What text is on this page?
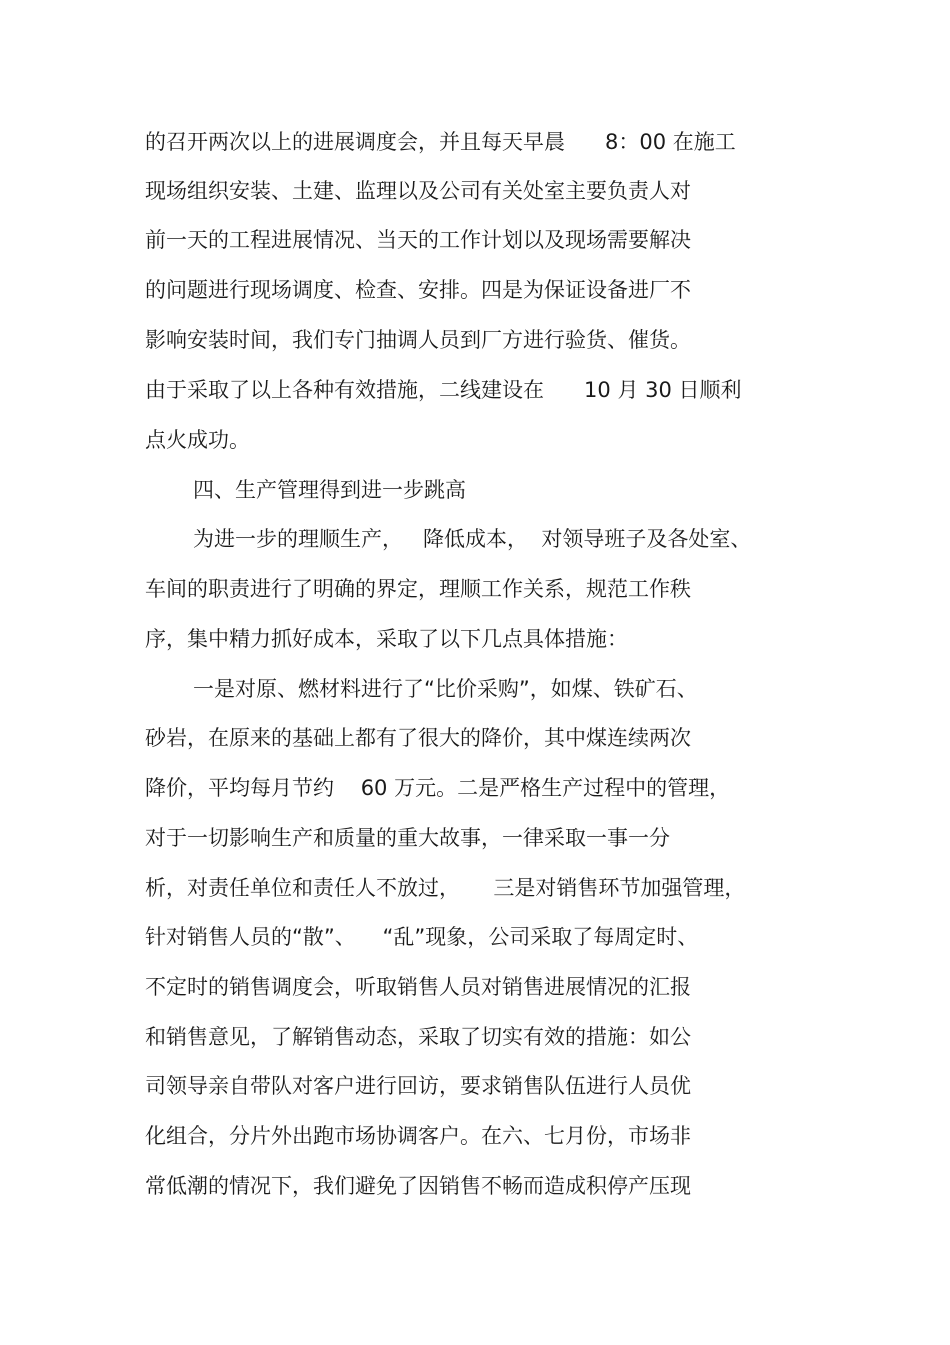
的召开两次以上的进展调度会，并且每天早晨      8：00 在施工
现场组织安装、土建、监理以及公司有关处室主要负责人对
前一天的工程进展情况、当天的工作计划以及现场需要解决
的问题进行现场调度、检查、安排。四是为保证设备进厂不
影响安装时间，我们专门抽调人员到厂方进行验货、催货。
由于采取了以上各种有效措施，二线建设在      10 月 30 日顺利
点火成功。
四、生产管理得到进一步跳高
为进一步的理顺生产，   降低成本，  对领导班子及各处室、
车间的职责进行了明确的界定，理顺工作关系，规范工作秩
序，集中精力抓好成本，采取了以下几点具体措施：
一是对原、燃材料进行了“比价采购”，如煤、铁矿石、
砂岩，在原来的基础上都有了很大的降价，其中煤连续两次
降价，平均每月节约    60 万元。二是严格生产过程中的管理，
对于一切影响生产和质量的重大故事，一律采取一事一分
析，对责任单位和责任人不放过，     三是对销售环节加强管理，
针对销售人员的“散”、    “乱”现象，公司采取了每周定时、
不定时的销售调度会，听取销售人员对销售进展情况的汇报
和销售意见，了解销售动态，采取了切实有效的措施：如公
司领导亲自带队对客户进行回访，要求销售队伍进行人员优
化组合，分片外出跑市场协调客户。在六、七月份，市场非
常低潮的情况下，我们避免了因销售不畅而造成积停产压现
